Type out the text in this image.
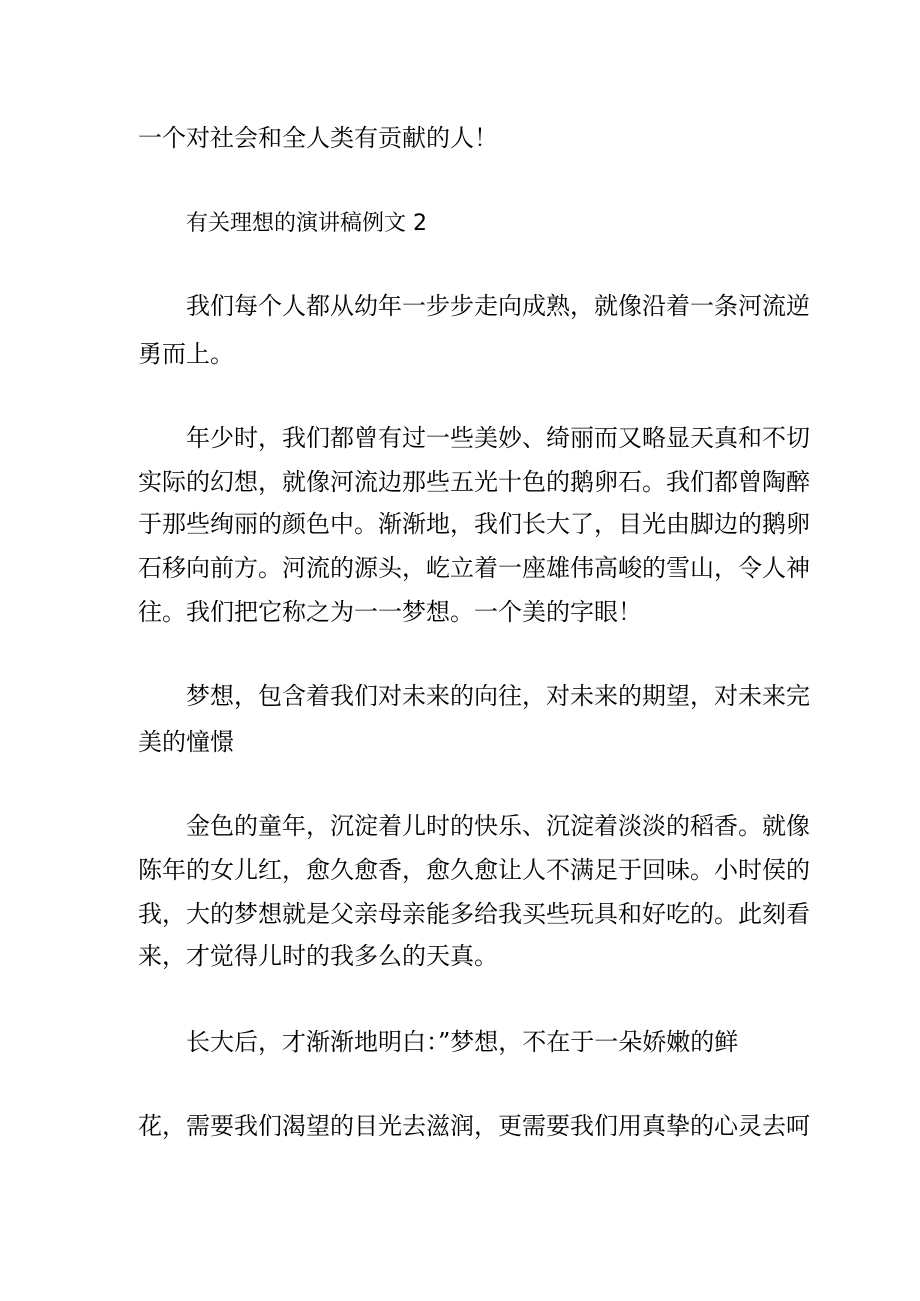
一个对社会和全人类有贡献的人！

有关理想的演讲稿例文 2

我们每个人都从幼年一步步走向成熟，就像沿着一条河流逆

勇而上。

年少时，我们都曾有过一些美妙、绮丽而又略显天真和不切

实际的幻想，就像河流边那些五光十色的鹅卵石。我们都曾陶醉

于那些绚丽的颜色中。渐渐地，我们长大了，目光由脚边的鹅卵

石移向前方。河流的源头，屹立着一座雄伟高峻的雪山，令人神

往。我们把它称之为一一梦想。一个美的字眼！

梦想，包含着我们对未来的向往，对未来的期望，对未来完

美的憧憬

金色的童年，沉淀着儿时的快乐、沉淀着淡淡的稻香。就像

陈年的女儿红，愈久愈香，愈久愈让人不满足于回味。小时侯的

我，大的梦想就是父亲母亲能多给我买些玩具和好吃的。此刻看

来，才觉得儿时的我多么的天真。

长大后，才渐渐地明白：”梦想，不在于一朵娇嫩的鲜

花，需要我们渴望的目光去滋润，更需要我们用真挚的心灵去呵
